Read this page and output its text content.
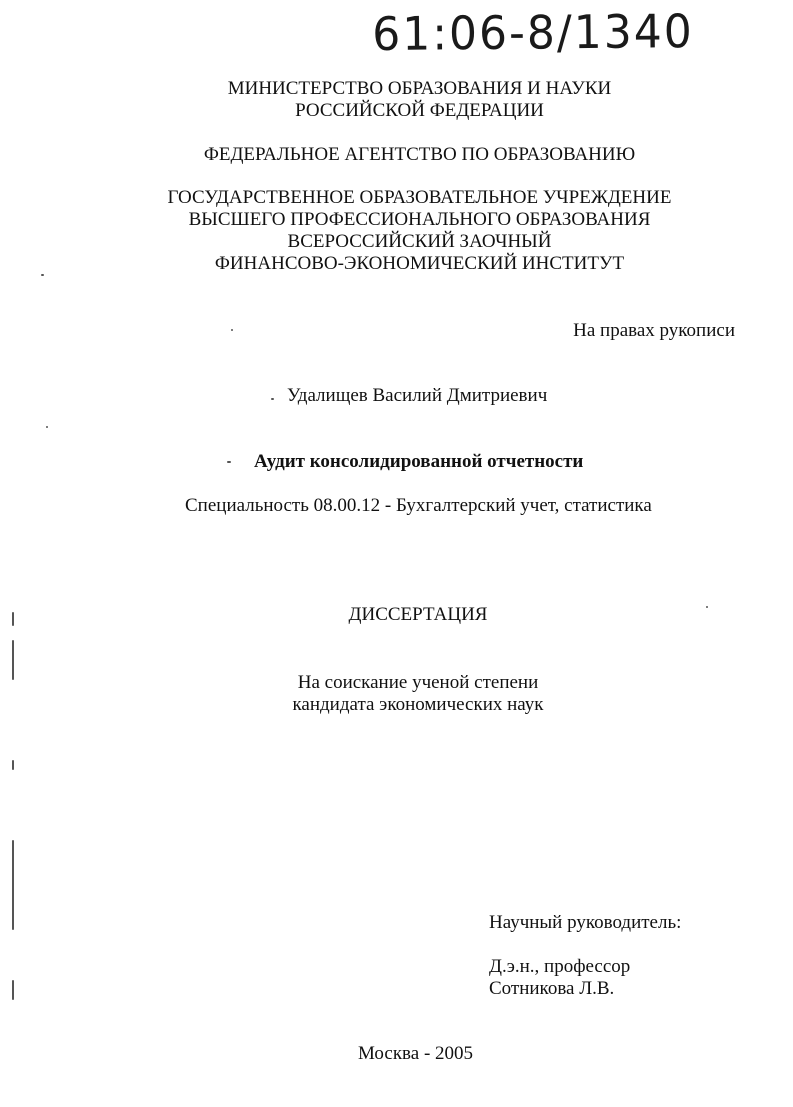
61:06-8/1340
МИНИСТЕРСТВО ОБРАЗОВАНИЯ И НАУКИ
РОССИЙСКОЙ ФЕДЕРАЦИИ
ФЕДЕРАЛЬНОЕ АГЕНТСТВО ПО ОБРАЗОВАНИЮ
ГОСУДАРСТВЕННОЕ ОБРАЗОВАТЕЛЬНОЕ УЧРЕЖДЕНИЕ
ВЫСШЕГО ПРОФЕССИОНАЛЬНОГО ОБРАЗОВАНИЯ
ВСЕРОССИЙСКИЙ ЗАОЧНЫЙ
ФИНАНСОВО-ЭКОНОМИЧЕСКИЙ ИНСТИТУТ
На правах рукописи
Удалищев Василий Дмитриевич
Аудит консолидированной отчетности
Специальность 08.00.12 - Бухгалтерский учет, статистика
ДИССЕРТАЦИЯ
На соискание ученой степени
кандидата экономических наук
Научный руководитель:
Д.э.н., профессор
Сотникова Л.В.
Москва - 2005
